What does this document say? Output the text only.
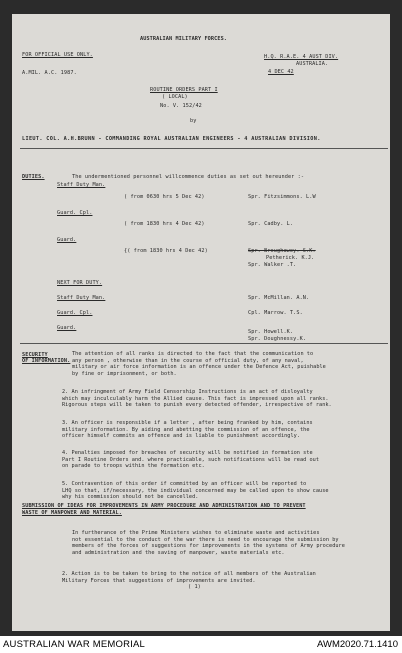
AUSTRALIAN MILITARY FORCES.
FOR OFFICIAL USE ONLY.	H.Q. R.A.E. 4 AUST DIV.
AUSTRALIA.
4 DEC 42
A.MIL. A.C. 1987.
ROUTINE ORDERS PART I
( LOCAL)
No. V. 152/42
by
LIEUT. COL. A.H.BRUNN - COMMANDING ROYAL AUSTRALIAN ENGINEERS - 4 AUSTRALIAN DIVISION.
DUTIES.	The undermentioned personnel willcommence duties as set out hereunder :-
Staff Duty Man.
( from 0630 hrs 5 Dec 42)	Spr. Fitzsimmons. L.W
Guard. Cpl.
( from 1830 hrs 4 Dec 42)	Spr. Cadby. L.
Guard.
{( from 1830 hrs 4 Dec 42)	Spr. Broughawey. S.K.
Petherick. K.J.
Spr. Walker .T.
NEXT FOR DUTY.
Staff Duty Man.	Spr. McMillan. A.N.
Guard. Cpl.	Cpl. Marrow. T.S.
Guard.
Spr. Howell.K.
Spr. Doughnessy.K.
SECURITY
OF INFORMATION.
The attention of all ranks is directed to the fact that the communication to
any person , otherwise than in the course of official duty, of any naval,
military or air force information is an offence under the Defence Act, puishable
by fine or imprisonment, or both.
2. An infringment of Army Field Censorship Instructions is an act of disloyalty
which may inculculably harm the Allied cause. This fact is impressed upon all ranks.
Rigorous steps will be taken to punish every detected offender, irrespective of rank.
3. An officer is responsible if a letter , after being franked by him, contains
military information. By aiding and abetting the commission of an offence, the
officer himself commits an offence and is liable to punishment accordingly.
4. Penalties imposed for breaches of security will be notified in formation ste
Part I Routine Orders and. where practicable, such notifications will be read out
on parade to troops within the formation etc.
5. Contravention of this order if committed by an officer will be reported to
LHQ so that, if/necessary, the individual concerned may be called upon to show cause
why his commission should not be cancelled.
SUBMISSION OF IDEAS FOR IMPROVEMENTS IN ARMY PROCEDURE AND ADMINISTRATION AND TO PREVENT
WASTE OF MANPOWER AND MATERIAL.
In furtherance of the Prime Ministers wishes to eliminate waste and activities
not essential to the conduct of the war there is need to encourage the submission by
members of the forces of suggestions for improvements in the systems of Army procedure
and administration and the saving of manpower, waste materials etc.
2. Action is to be taken to bring to the notice of all members of the Australian
Military Forces that suggestions of improvements are invited.
( 1)
AUSTRALIAN WAR MEMORIAL	AWM2020.71.1410
